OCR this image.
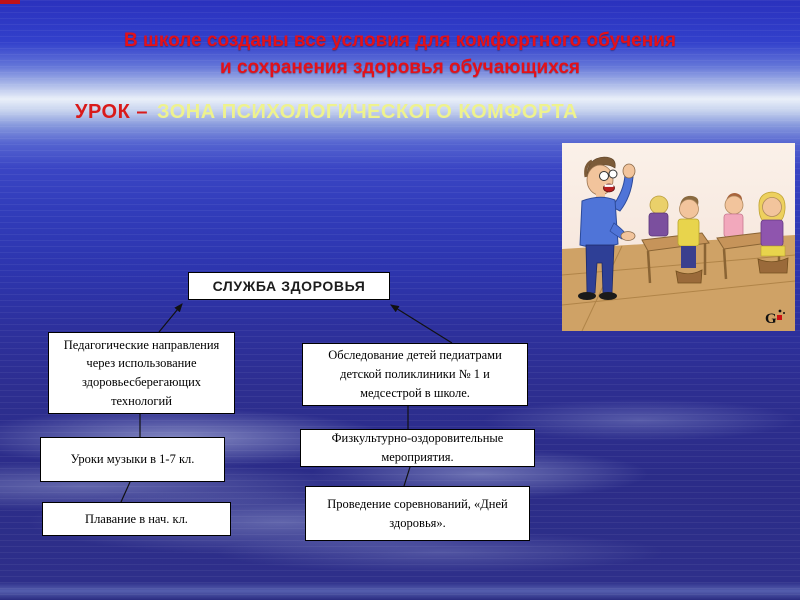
В школе созданы все условия для комфортного обучения
и сохранения здоровья обучающихся
УРОК – ЗОНА ПСИХОЛОГИЧЕСКОГО КОМФОРТА
G
СЛУЖБА ЗДОРОВЬЯ
Педагогические направления через использование здоровьесберегающих технологий
Уроки музыки в 1-7 кл.
Плавание в нач. кл.
Обследование детей педиатрами детской поликлиники № 1 и медсестрой в школе.
Физкультурно-оздоровительные мероприятия.
Проведение соревнований, «Дней здоровья».
